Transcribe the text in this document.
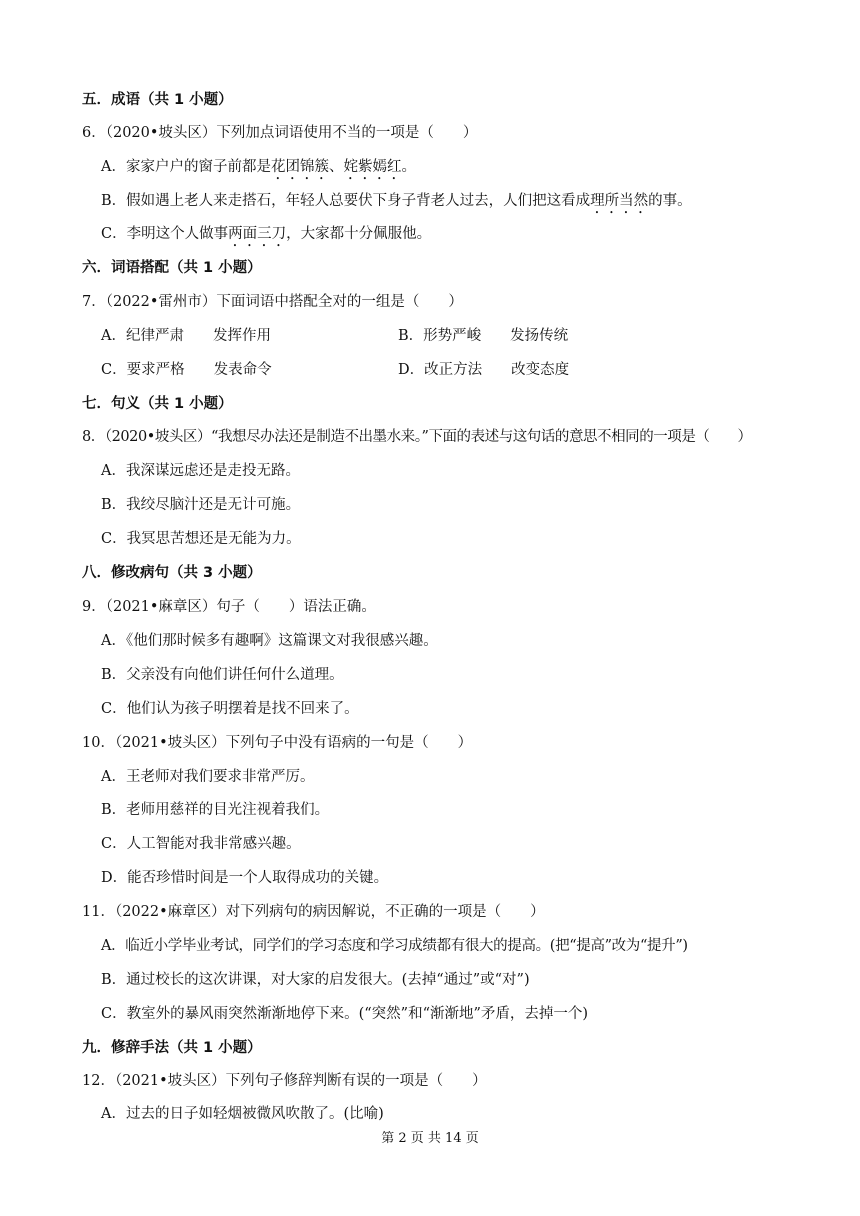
五．成语（共 1 小题）
6．（2020•坡头区）下列加点词语使用不当的一项是（　　）
A．家家户户的窗子前都是花团锦簇、姹紫嫣红。
B．假如遇上老人来走搭石，年轻人总要伏下身子背老人过去，人们把这看成理所当然的事。
C．李明这个人做事两面三刀，大家都十分佩服他。
六．词语搭配（共 1 小题）
7．（2022•雷州市）下面词语中搭配全对的一组是（　　）
A．纪律严肃　　发挥作用	B．形势严峻　　发扬传统
C．要求严格　　发表命令	D．改正方法　　改变态度
七．句义（共 1 小题）
8．（2020•坡头区）“我想尽办法还是制造不出墨水来。”下面的表述与这句话的意思不相同的一项是（　　）
A．我深谋远虑还是走投无路。
B．我绞尽脑汁还是无计可施。
C．我冥思苦想还是无能为力。
八．修改病句（共 3 小题）
9．（2021•麻章区）句子（　　）语法正确。
A．《他们那时候多有趣啊》这篇课文对我很感兴趣。
B．父亲没有向他们讲任何什么道理。
C．他们认为孩子明摆着是找不回来了。
10．（2021•坡头区）下列句子中没有语病的一句是（　　）
A．王老师对我们要求非常严厉。
B．老师用慈祥的目光注视着我们。
C．人工智能对我非常感兴趣。
D．能否珍惜时间是一个人取得成功的关键。
11．（2022•麻章区）对下列病句的病因解说，不正确的一项是（　　）
A．临近小学毕业考试，同学们的学习态度和学习成绩都有很大的提高。(把“提高”改为“提升”)
B．通过校长的这次讲课，对大家的启发很大。(去掉“通过”或“对”)
C．教室外的暴风雨突然渐渐地停下来。(“突然”和“渐渐地”矛盾，去掉一个)
九．修辞手法（共 1 小题）
12．（2021•坡头区）下列句子修辞判断有误的一项是（　　）
A．过去的日子如轻烟被微风吹散了。(比喻)
第 2 页 共 14 页
